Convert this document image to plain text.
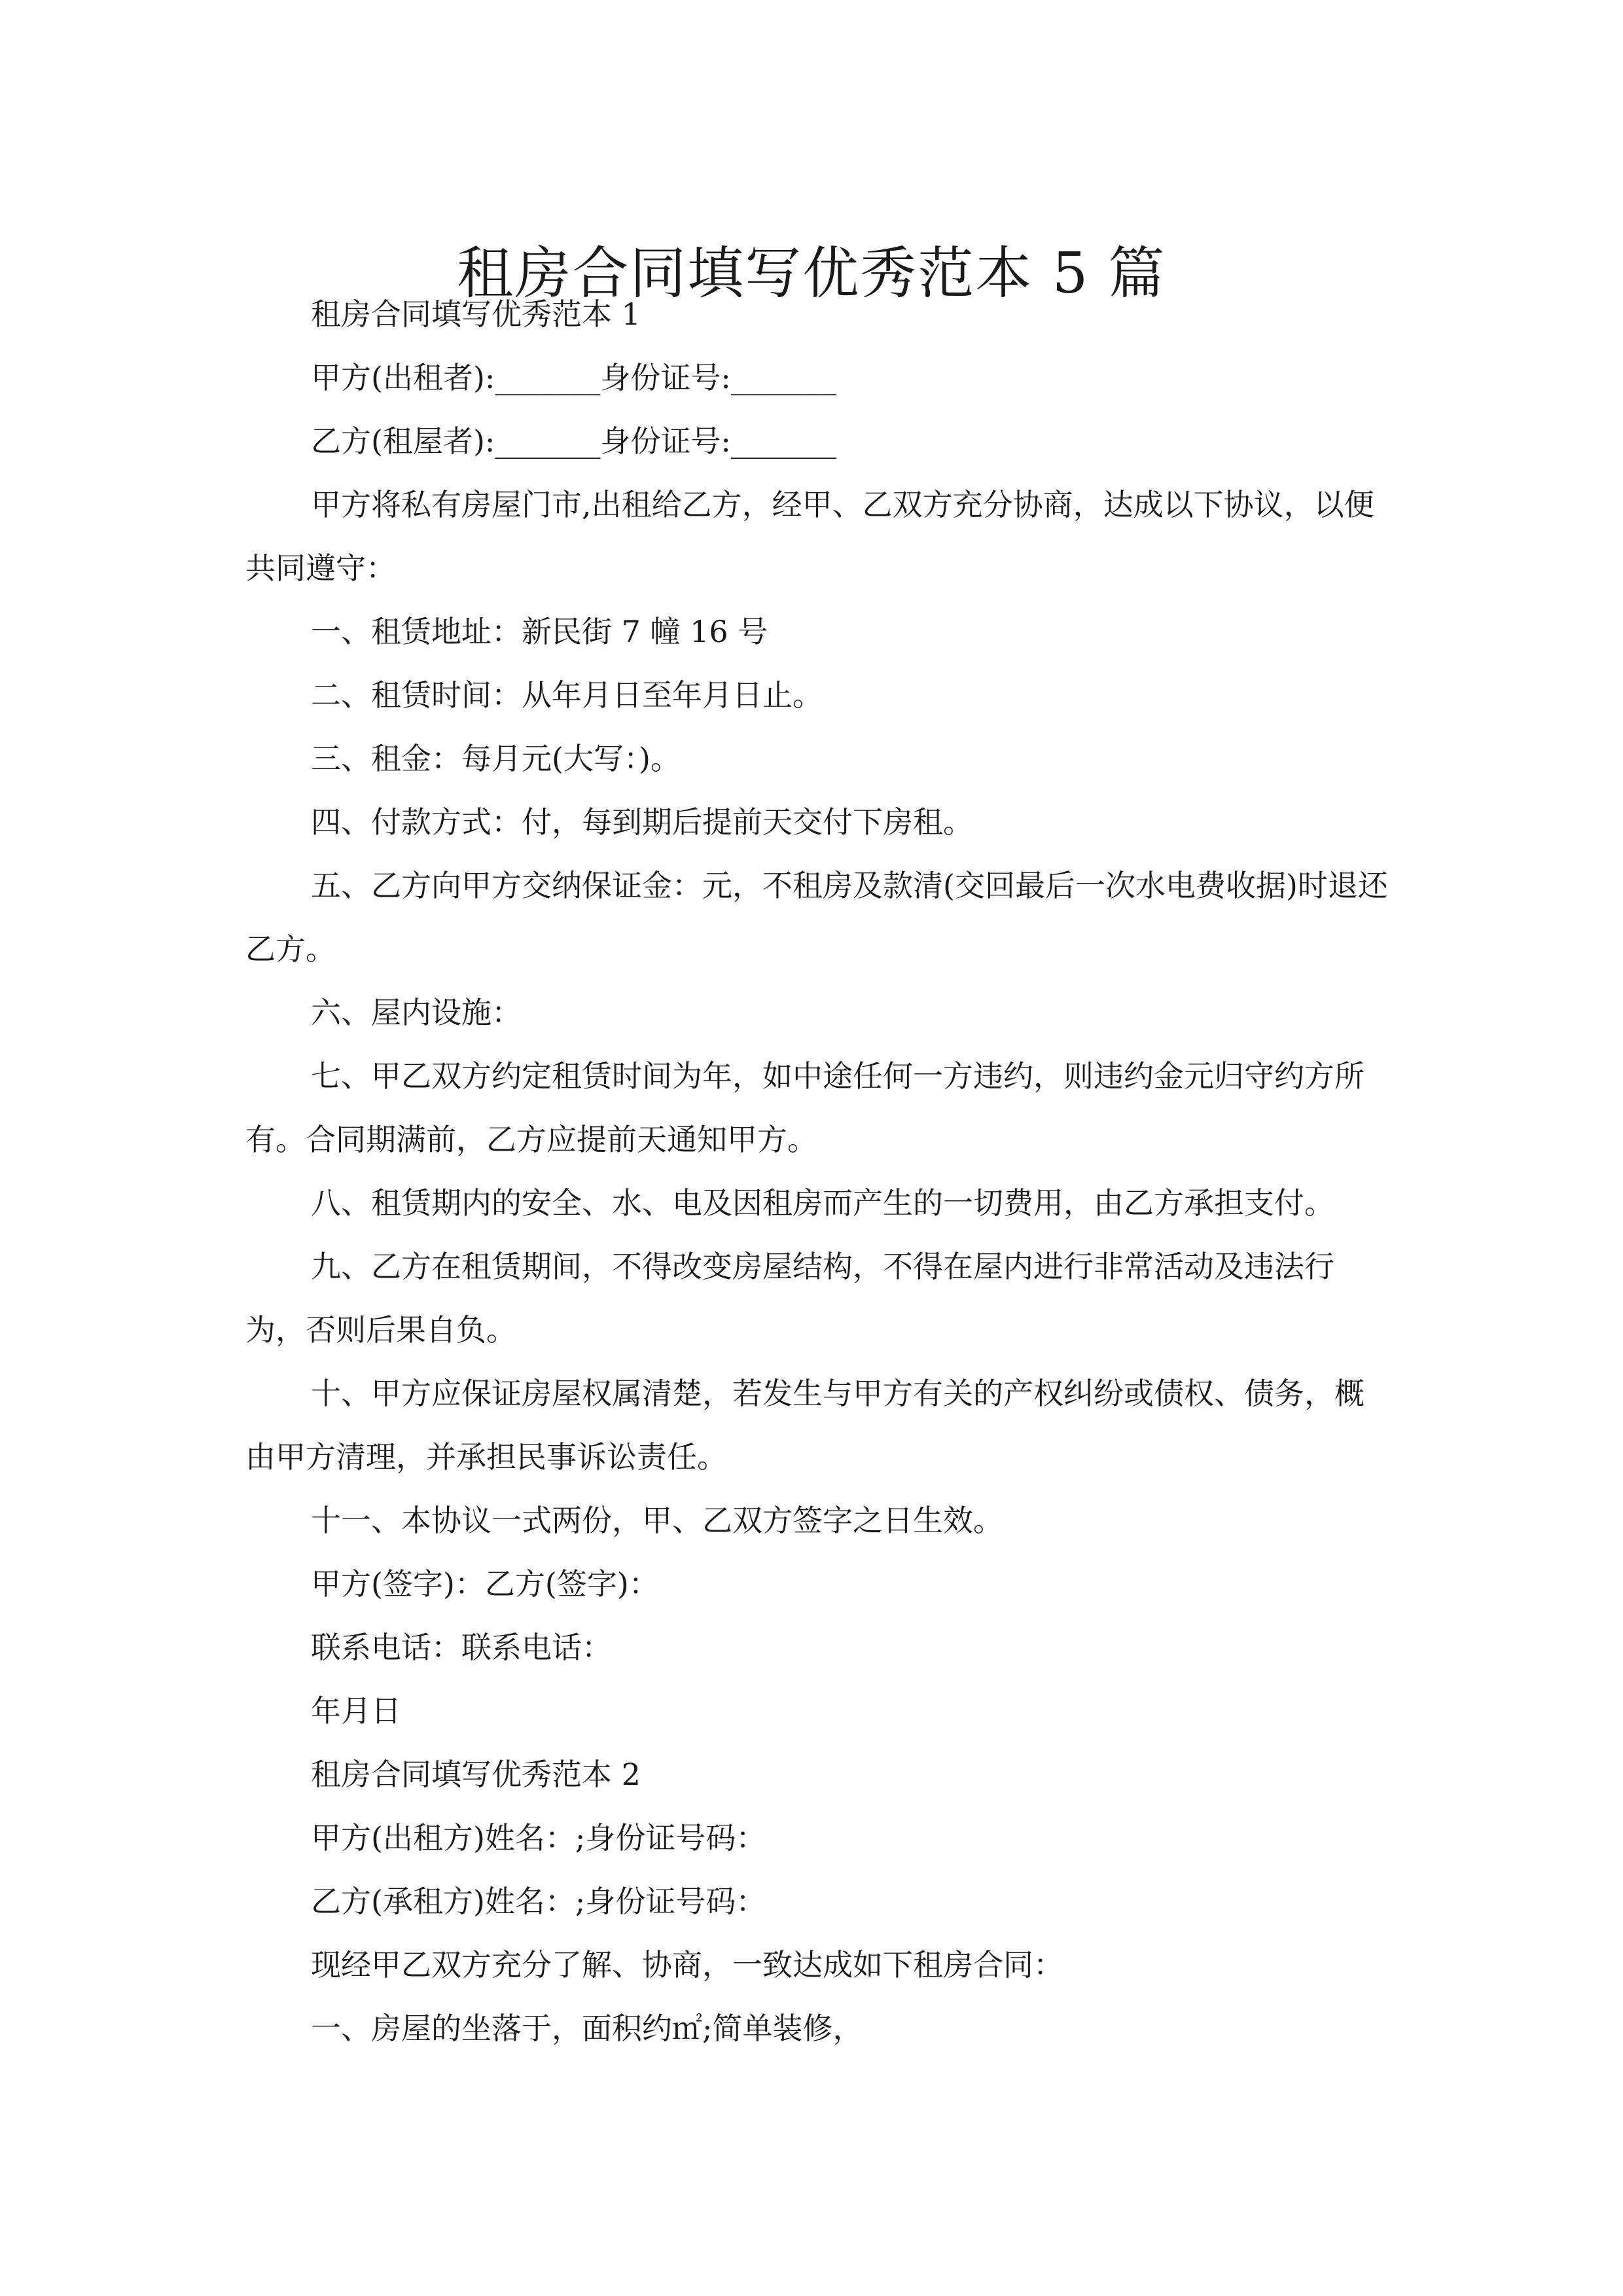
租房合同填写优秀范本 5 篇

租房合同填写优秀范本 1

甲方(出租者):_______身份证号:_______

乙方(租屋者):_______身份证号:_______

甲方将私有房屋门市,出租给乙方，经甲、乙双方充分协商，达成以下协议，以便共同遵守：

一、租赁地址：新民街 7 幢 16 号

二、租赁时间：从年月日至年月日止。

三、租金：每月元(大写：)。

四、付款方式：付，每到期后提前天交付下房租。

五、乙方向甲方交纳保证金：元，不租房及款清(交回最后一次水电费收据)时退还乙方。

六、屋内设施：

七、甲乙双方约定租赁时间为年，如中途任何一方违约，则违约金元归守约方所有。合同期满前，乙方应提前天通知甲方。

八、租赁期内的安全、水、电及因租房而产生的一切费用，由乙方承担支付。

九、乙方在租赁期间，不得改变房屋结构，不得在屋内进行非常活动及违法行为，否则后果自负。

十、甲方应保证房屋权属清楚，若发生与甲方有关的产权纠纷或债权、债务，概由甲方清理，并承担民事诉讼责任。

十一、本协议一式两份，甲、乙双方签字之日生效。

甲方(签字)：乙方(签字)：

联系电话：联系电话：

年月日

租房合同填写优秀范本 2

甲方(出租方)姓名：;身份证号码：

乙方(承租方)姓名：;身份证号码：

现经甲乙双方充分了解、协商，一致达成如下租房合同：

一、房屋的坐落于，面积约㎡;简单装修，
